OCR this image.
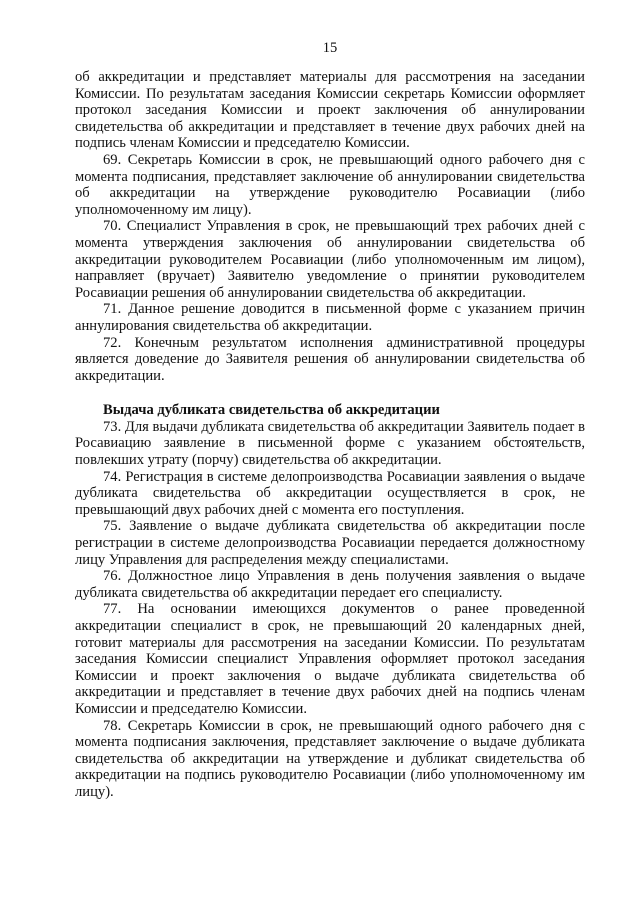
15

об аккредитации и представляет материалы для рассмотрения на заседании Комиссии. По результатам заседания Комиссии секретарь Комиссии оформляет протокол заседания Комиссии и проект заключения об аннулировании свидетельства об аккредитации и представляет в течение двух рабочих дней на подпись членам Комиссии и председателю Комиссии.

69. Секретарь Комиссии в срок, не превышающий одного рабочего дня с момента подписания, представляет заключение об аннулировании свидетельства об аккредитации на утверждение руководителю Росавиации (либо уполномоченному им лицу).

70. Специалист Управления в срок, не превышающий трех рабочих дней с момента утверждения заключения об аннулировании свидетельства об аккредитации руководителем Росавиации (либо уполномоченным им лицом), направляет (вручает) Заявителю уведомление о принятии руководителем Росавиации решения об аннулировании свидетельства об аккредитации.

71. Данное решение доводится в письменной форме с указанием причин аннулирования свидетельства об аккредитации.

72. Конечным результатом исполнения административной процедуры является доведение до Заявителя решения об аннулировании свидетельства об аккредитации.

Выдача дубликата свидетельства об аккредитации

73. Для выдачи дубликата свидетельства об аккредитации Заявитель подает в Росавиацию заявление в письменной форме с указанием обстоятельств, повлекших утрату (порчу) свидетельства об аккредитации.

74. Регистрация в системе делопроизводства Росавиации заявления о выдаче дубликата свидетельства об аккредитации осуществляется в срок, не превышающий двух рабочих дней с момента его поступления.

75. Заявление о выдаче дубликата свидетельства об аккредитации после регистрации в системе делопроизводства Росавиации передается должностному лицу Управления для распределения между специалистами.

76. Должностное лицо Управления в день получения заявления о выдаче дубликата свидетельства об аккредитации передает его специалисту.

77. На основании имеющихся документов о ранее проведенной аккредитации специалист в срок, не превышающий 20 календарных дней, готовит материалы для рассмотрения на заседании Комиссии. По результатам заседания Комиссии специалист Управления оформляет протокол заседания Комиссии и проект заключения о выдаче дубликата свидетельства об аккредитации и представляет в течение двух рабочих дней на подпись членам Комиссии и председателю Комиссии.

78. Секретарь Комиссии в срок, не превышающий одного рабочего дня с момента подписания заключения, представляет заключение о выдаче дубликата свидетельства об аккредитации на утверждение и дубликат свидетельства об аккредитации на подпись руководителю Росавиации (либо уполномоченному им лицу).
